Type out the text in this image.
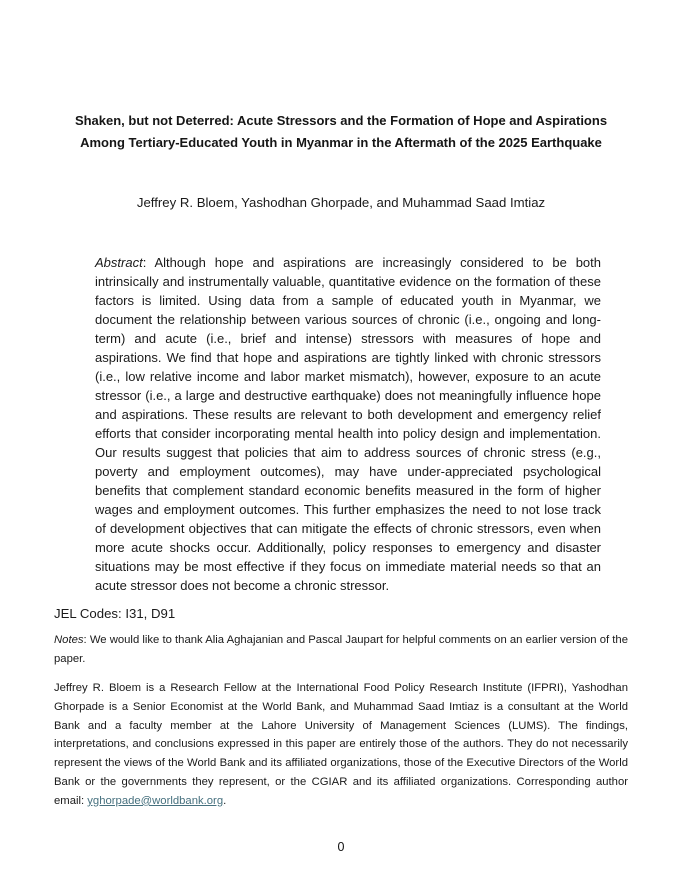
Shaken, but not Deterred: Acute Stressors and the Formation of Hope and Aspirations Among Tertiary-Educated Youth in Myanmar in the Aftermath of the 2025 Earthquake

Jeffrey R. Bloem, Yashodhan Ghorpade, and Muhammad Saad Imtiaz

Abstract: Although hope and aspirations are increasingly considered to be both intrinsically and instrumentally valuable, quantitative evidence on the formation of these factors is limited. Using data from a sample of educated youth in Myanmar, we document the relationship between various sources of chronic (i.e., ongoing and long-term) and acute (i.e., brief and intense) stressors with measures of hope and aspirations. We find that hope and aspirations are tightly linked with chronic stressors (i.e., low relative income and labor market mismatch), however, exposure to an acute stressor (i.e., a large and destructive earthquake) does not meaningfully influence hope and aspirations. These results are relevant to both development and emergency relief efforts that consider incorporating mental health into policy design and implementation. Our results suggest that policies that aim to address sources of chronic stress (e.g., poverty and employment outcomes), may have under-appreciated psychological benefits that complement standard economic benefits measured in the form of higher wages and employment outcomes. This further emphasizes the need to not lose track of development objectives that can mitigate the effects of chronic stressors, even when more acute shocks occur. Additionally, policy responses to emergency and disaster situations may be most effective if they focus on immediate material needs so that an acute stressor does not become a chronic stressor.

JEL Codes: I31, D91

Notes: We would like to thank Alia Aghajanian and Pascal Jaupart for helpful comments on an earlier version of the paper.

Jeffrey R. Bloem is a Research Fellow at the International Food Policy Research Institute (IFPRI), Yashodhan Ghorpade is a Senior Economist at the World Bank, and Muhammad Saad Imtiaz is a consultant at the World Bank and a faculty member at the Lahore University of Management Sciences (LUMS). The findings, interpretations, and conclusions expressed in this paper are entirely those of the authors. They do not necessarily represent the views of the World Bank and its affiliated organizations, those of the Executive Directors of the World Bank or the governments they represent, or the CGIAR and its affiliated organizations. Corresponding author email: yghorpade@worldbank.org.

0
